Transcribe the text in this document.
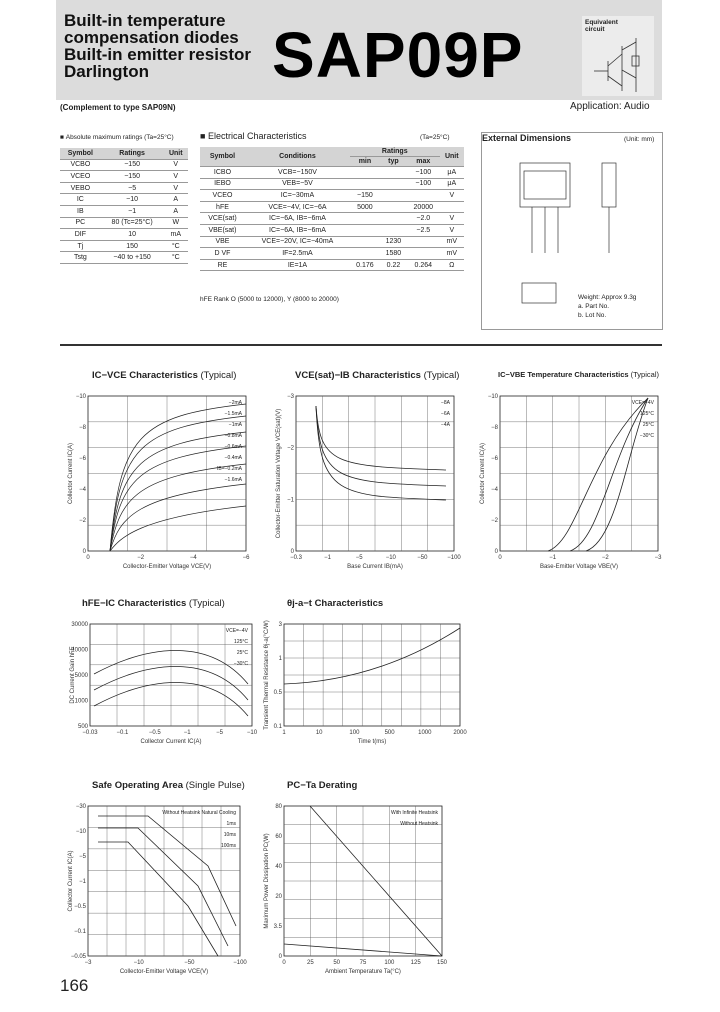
Built-in temperature
compensation diodes
Built-in emitter resistor
Darlington	SAP09P	Equivalent circuit
(Complement to type SAP09N)	Application: Audio
■ Absolute maximum ratings (Ta=25°C)
Symbol	Ratings	Unit
VCBO	−150	V
VCEO	−150	V
VEBO	−5	V
IC	−10	A
IB	−1	A
PC	80 (Tc=25°C)	W
DIF	10	mA
Tj	150	°C
Tstg	−40 to +150	°C
■ Electrical Characteristics	(Ta=25°C)
Symbol	Conditions	Ratings			Unit
		min	typ	max	
ICBO	VCB=−150V			−100	μA
IEBO	VEB=−5V			−100	μA
VCEO	IC=−30mA	−150			V
hFE	VCE=−4V, IC=−6A	5000		20000	
VCE(sat)	IC=−6A, IB=−6mA			−2.0	V
VBE(sat)	IC=−6A, IB=−6mA			−2.5	V
VBE	VCE=−20V, IC=−40mA		1230		mV
D VF	IF=2.5mA		1580		mV
RE	IE=1A	0.176	0.22	0.264	Ω
hFE Rank O (5000 to 12000), Y (8000 to 20000)
External Dimensions	(Unit: mm)
Weight: Approx 9.3g
a. Part No.
b. Lot No.
IC−VCE Characteristics (Typical)
0	−2	−4	−6
−10
−8
−6
−4
−2
0
Collector-Emitter Voltage VCE(V)
Collector Current IC(A)
−2mA
−1.5mA
−1mA
−0.8mA
−0.6mA
−0.4mA
IB=−0.2mA
−1.6mA
VCE(sat)−IB Characteristics (Typical)
−0.3	−1	−5	−10	−50	−100
−3
−2
−1
0
Base Current IB(mA)
Collector-Emitter Saturation Voltage VCE(sat)(V)
−8A
−6A
−4A
IC−VBE Temperature Characteristics (Typical)
0	−1	−2	−3
−10
−8
−6
−4
−2
0
Base-Emitter Voltage VBE(V)
Collector Current IC(A)
VCE=−4V
125°C
25°C
−30°C
hFE−IC Characteristics (Typical)
−0.03	−0.1	−0.5	−1	−5	−10
30000
10000
5000
1000
500
Collector Current IC(A)
DC Current Gain hFE
VCE=−4V
125°C
25°C
−30°C
θj-a−t Characteristics
1	10	100	500	1000	2000
3
1
0.5
0.1
Time t(ms)
Transient Thermal Resistance θj-a(°C/W)
Safe Operating Area (Single Pulse)
−3	−10	−50	−100
−30
−10
−5
−1
−0.5
−0.1
−0.05
Collector-Emitter Voltage VCE(V)
Collector Current IC(A)
Without Heatsink Natural Cooling
1ms
10ms
100ms
PC−Ta Derating
0	25	50	75	100	125	150
80
60
40
20
3.5
0
Ambient Temperature Ta(°C)
Maximum Power Dissipation PC(W)
With Infinite Heatsink
Without Heatsink
166
